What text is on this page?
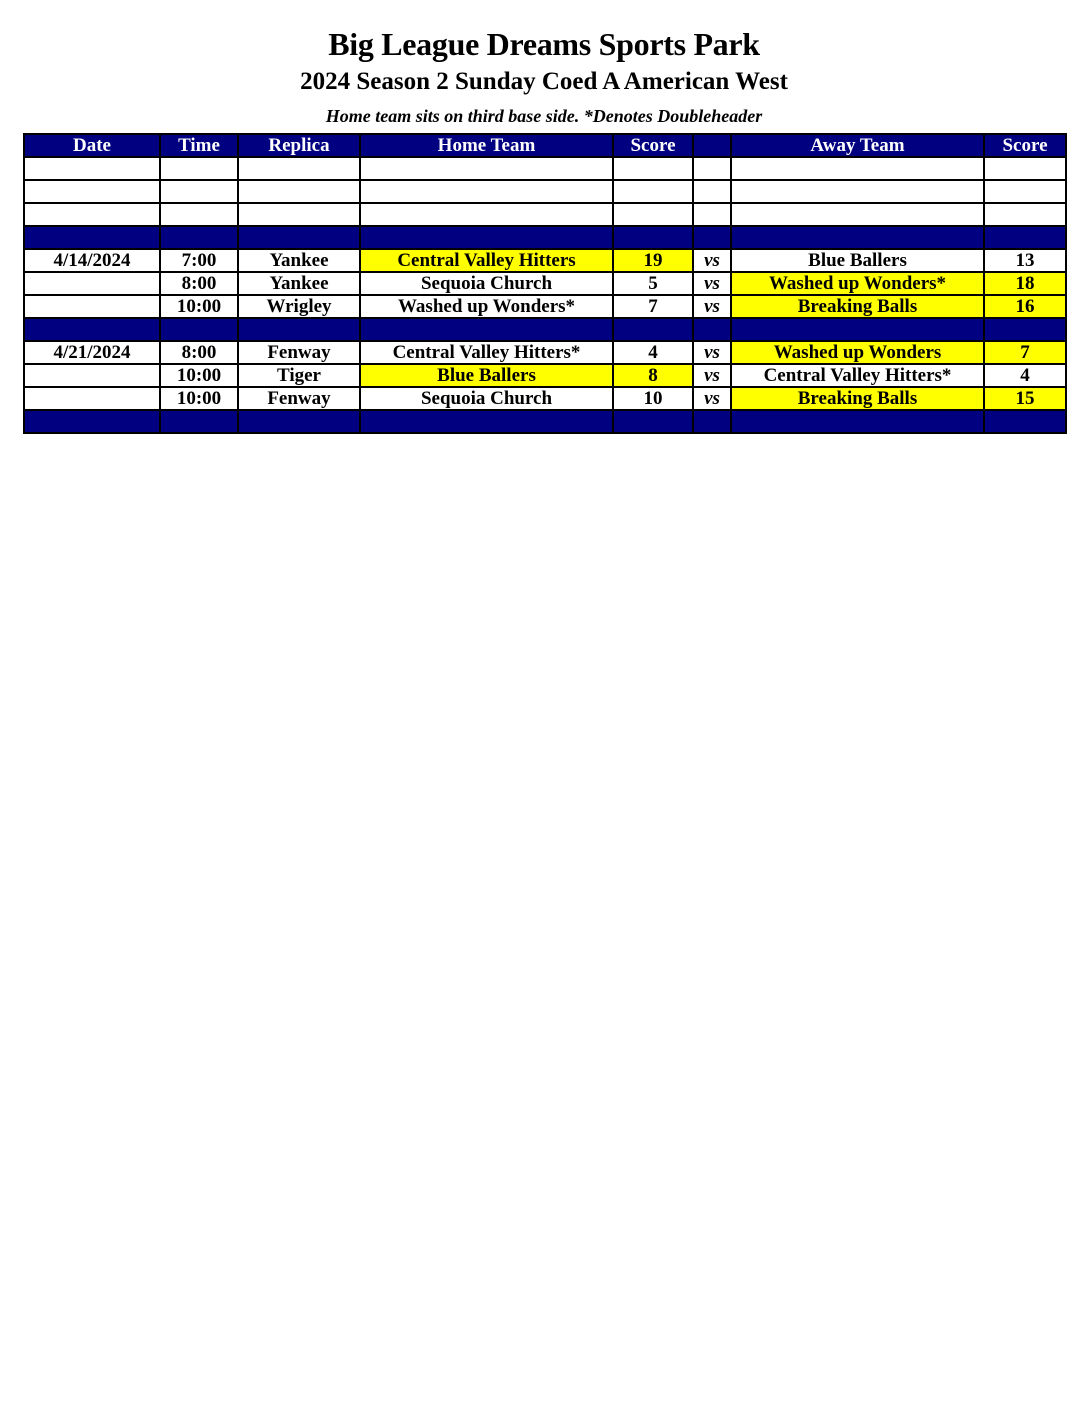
Big League Dreams Sports Park
2024 Season 2 Sunday Coed A American West
Home team sits on third base side. *Denotes Doubleheader
Date	Time	Replica	Home Team	Score		Away Team	Score

4/14/2024	7:00	Yankee	Central Valley Hitters	19	vs	Blue Ballers	13
	8:00	Yankee	Sequoia Church	5	vs	Washed up Wonders*	18
	10:00	Wrigley	Washed up Wonders*	7	vs	Breaking Balls	16

4/21/2024	8:00	Fenway	Central Valley Hitters*	4	vs	Washed up Wonders	7
	10:00	Tiger	Blue Ballers	8	vs	Central Valley Hitters*	4
	10:00	Fenway	Sequoia Church	10	vs	Breaking Balls	15
